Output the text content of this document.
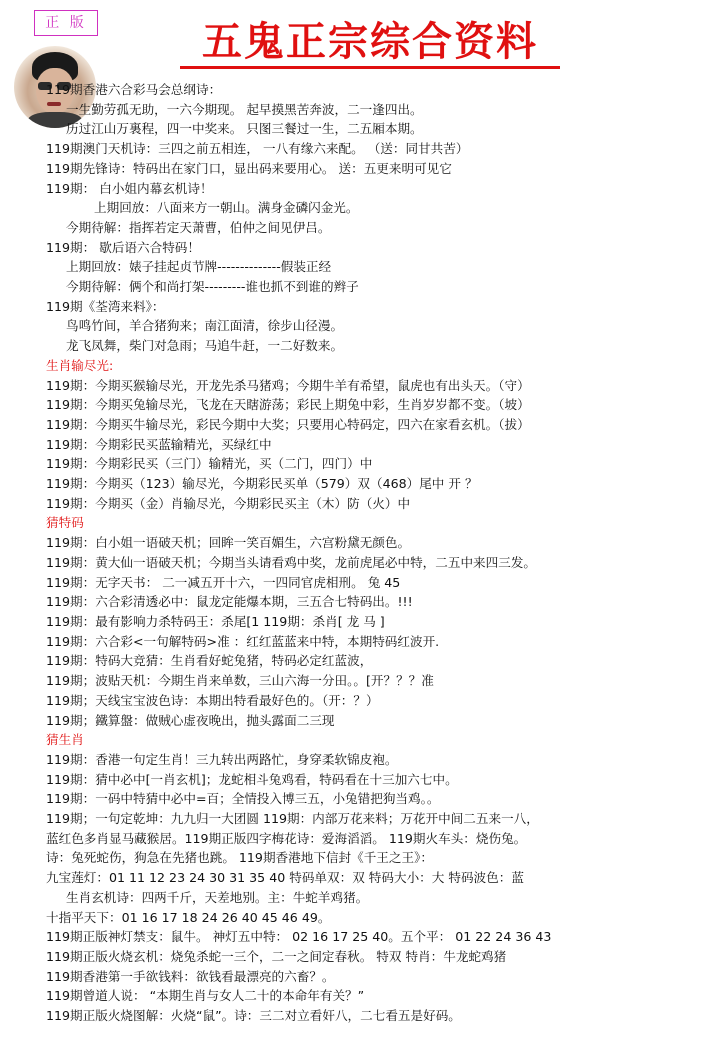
正 版	五鬼正宗综合资料
119期香港六合彩马会总纲诗：
一生勤劳孤无助，一六今期现。 起早摸黑苦奔波，二一逢四出。
历过江山万裏程，四一中奖来。 只图三餐过一生，二五厢本期。
119期澳门天机诗：三四之前五相连， 一八有缘六来配。 （送：同甘共苦）
119期先锋诗：特码出在家门口，显出码来要用心。 送：五更来明可见它
119期： 白小姐内幕玄机诗！
上期回放：八面来方一朝山。满身金磷闪金光。
今期待解：指挥若定天萧曹，伯仲之间见伊吕。
119期： 歇后语六合特码！
上期回放：婊子挂起贞节牌--------------假装正经
今期待解：俩个和尚打架---------谁也抓不到谁的辫子
119期《荃湾来料》：
鸟鸣竹间，羊合猪狗来；南江面清，徐步山径漫。
龙飞凤舞，柴门对急雨；马追牛赶，一二好数来。
生肖输尽光:
119期：今期买猴输尽光，开龙先杀马猪鸡；今期牛羊有希望，鼠虎也有出头天。（守）
119期：今期买兔输尽光，飞龙在天瞎游荡；彩民上期兔中彩，生肖岁岁都不变。（坡）
119期：今期买牛输尽光，彩民今期中大奖；只要用心特码定，四六在家看玄机。（拔）
119期：今期彩民买蓝输精光，买绿红中
119期：今期彩民买（三门）输精光，买（二门，四门）中
119期：今期买（123）输尽光，今期彩民买单（579）双（468）尾中 开 ？
119期：今期买（金）肖输尽光，今期彩民买主（木）防（火）中
猜特码
119期：白小姐一语破天机；回眸一笑百媚生，六宫粉黛无颜色。
119期：黄大仙一语破天机；今期当头请看鸡中奖，龙前虎尾必中特，二五中来四三发。
119期：无字天书： 二一减五开十六，一四同官虎相刑。 兔 45
119期：六合彩清透必中：鼠龙定能爆本期，三五合七特码出。!!!
119期：最有影响力杀特码王：杀尾[1 119期：杀肖[ 龙 马 ]
119期：六合彩<一句解特码>准 ：红红蓝蓝来中特，本期特码红波开.
119期：特码大竞猜：生肖看好蛇兔猪，特码必定红蓝波，
119期；波贴天机：今期生肖来单数，三山六海一分田。。[开？？？准
119期；天线宝宝波色诗：本期出特看最好色的。（开：？）
119期；鐵算盤：做贼心虚夜晚出，抛头露面二三现
猜生肖
119期：香港一句定生肖！三九转出两路忙，身穿柔软锦皮袍。
119期：猜中必中[一肖玄机]；龙蛇相斗兔鸡看，特码看在十三加六七中。
119期：一码中特猜中必中=百；全情投入博三五，小兔错把狗当鸡。。
119期；一句定乾坤：九九归一大团圆 119期：内部万花来料；万花开中间二五来一八，
蓝红色多肖显马藏猴居。119期正版四字梅花诗：爱海滔滔。 119期火车头：烧伤兔。
诗：兔死蛇伤，狗急在先猪也跳。 119期香港地下信封《千王之王》：
九宝莲灯：01 11 12 23 24 30 31 35 40 特码单双：双 特码大小：大 特码波色：蓝
生肖玄机诗：四两千斤，天差地别。主：牛蛇羊鸡猪。
十指平天下：01 16 17 18 24 26 40 45 46 49。
119期正版神灯禁支：鼠牛。 神灯五中特： 02 16 17 25 40。五个平： 01 22 24 36 43
119期正版火烧玄机：烧兔杀蛇一三个，二一之间定春秋。 特双 特肖：牛龙蛇鸡猪
119期香港第一手欲钱料：欲钱看最漂亮的六畜？。
119期曾道人说： “本期生肖与女人二十的本命年有关？”
119期正版火烧图解：火烧“鼠”。诗：三二对立看奸八，二七看五是好码。
